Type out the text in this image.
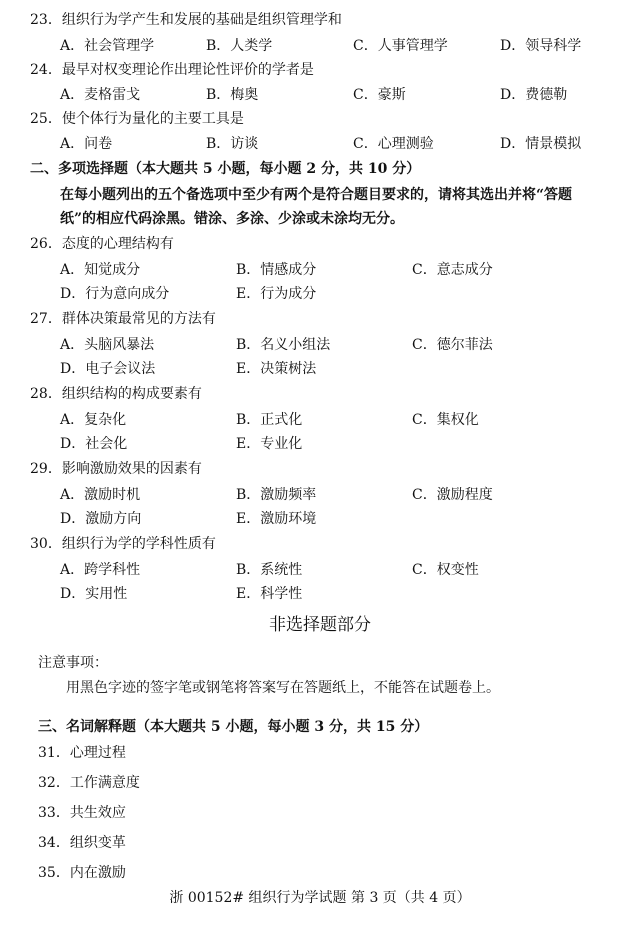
23．组织行为学产生和发展的基础是组织管理学和
A．社会管理学	B．人类学	C．人事管理学	D．领导科学
24．最早对权变理论作出理论性评价的学者是
A．麦格雷戈	B．梅奥	C．豪斯	D．费德勒
25．使个体行为量化的主要工具是
A．问卷	B．访谈	C．心理测验	D．情景模拟
二、多项选择题（本大题共 5 小题，每小题 2 分，共 10 分）
在每小题列出的五个备选项中至少有两个是符合题目要求的，请将其选出并将“答题
纸”的相应代码涂黑。错涂、多涂、少涂或未涂均无分。
26．态度的心理结构有
A．知觉成分	B．情感成分	C．意志成分
D．行为意向成分	E．行为成分
27．群体决策最常见的方法有
A．头脑风暴法	B．名义小组法	C．德尔菲法
D．电子会议法	E．决策树法
28．组织结构的构成要素有
A．复杂化	B．正式化	C．集权化
D．社会化	E．专业化
29．影响激励效果的因素有
A．激励时机	B．激励频率	C．激励程度
D．激励方向	E．激励环境
30．组织行为学的学科性质有
A．跨学科性	B．系统性	C．权变性
D．实用性	E．科学性
非选择题部分
注意事项：
用黑色字迹的签字笔或钢笔将答案写在答题纸上，不能答在试题卷上。
三、名词解释题（本大题共 5 小题，每小题 3 分，共 15 分）
31．心理过程
32．工作满意度
33．共生效应
34．组织变革
35．内在激励
浙 00152# 组织行为学试题 第 3 页（共 4 页）
